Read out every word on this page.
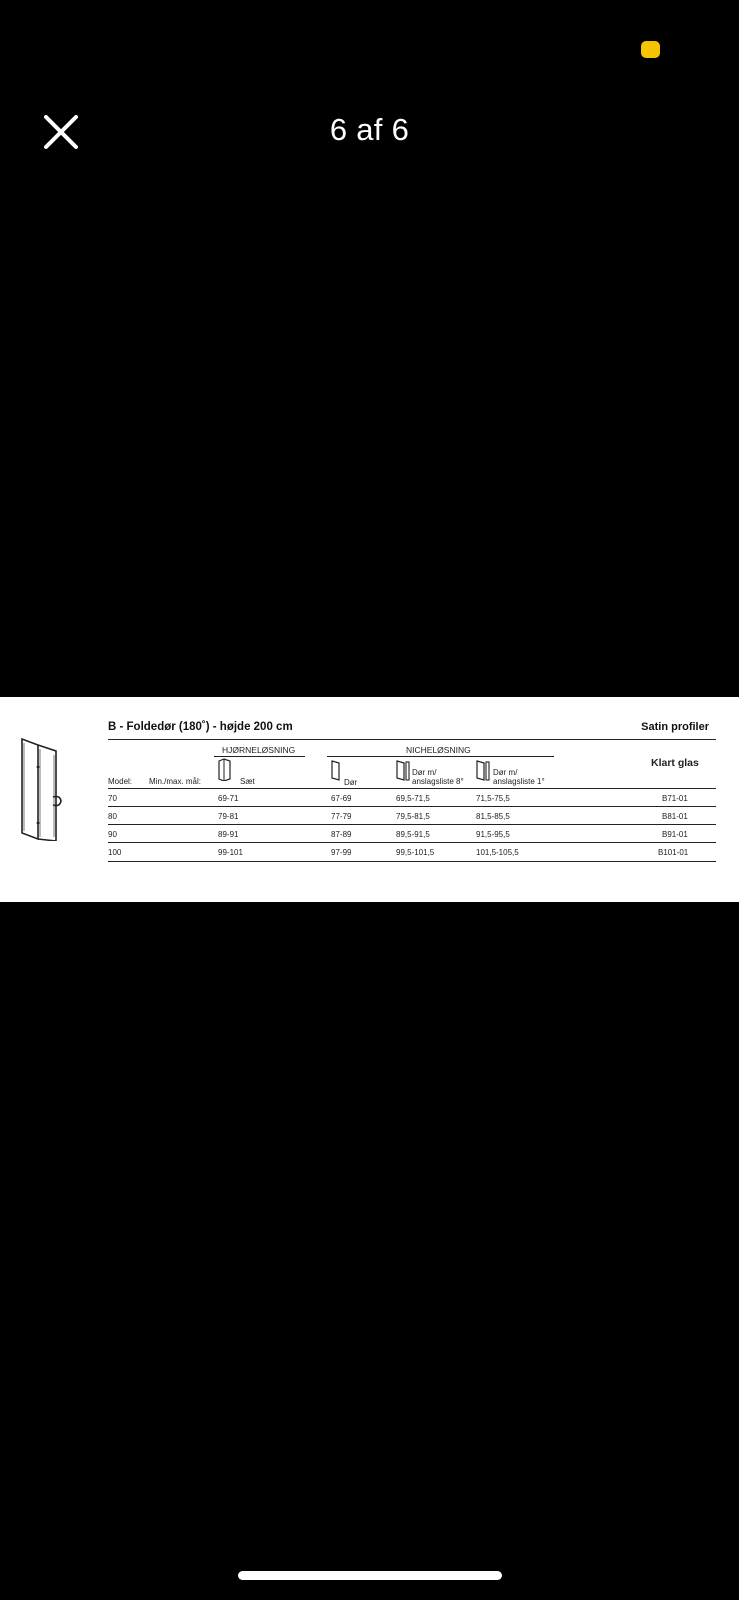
6 af 6
B - Foldedør (180˚) - højde 200 cm	Satin profiler
HJØRNELØSNING	NICHELØSNING
Model: Min./max. mål:	Sæt	Dør
Dør m/
anslagsliste 8°
Dør m/
anslagsliste 1°
Klart glas
70	69-71	67-69	69,5-71,5	71,5-75,5	B71-01
80	79-81	77-79	79,5-81,5	81,5-85,5	B81-01
90	89-91	87-89	89,5-91,5	91,5-95,5	B91-01
100	99-101	97-99	99,5-101,5	101,5-105,5	B101-01
